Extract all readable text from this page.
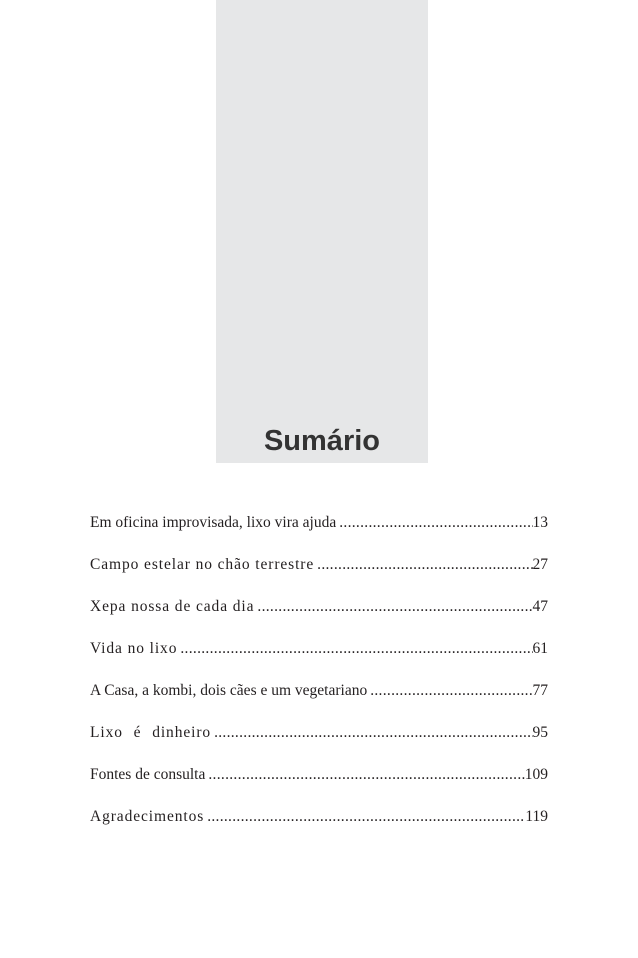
Sumário
Em oficina improvisada, lixo vira ajuda .....	13
Campo estelar no chão terrestre .....	27
Xepa nossa de cada dia .....	47
Vida no lixo .....	61
A Casa, a kombi, dois cães e um vegetariano .....	77
Lixo é dinheiro .....	95
Fontes de consulta .....	109
Agradecimentos .....	119
